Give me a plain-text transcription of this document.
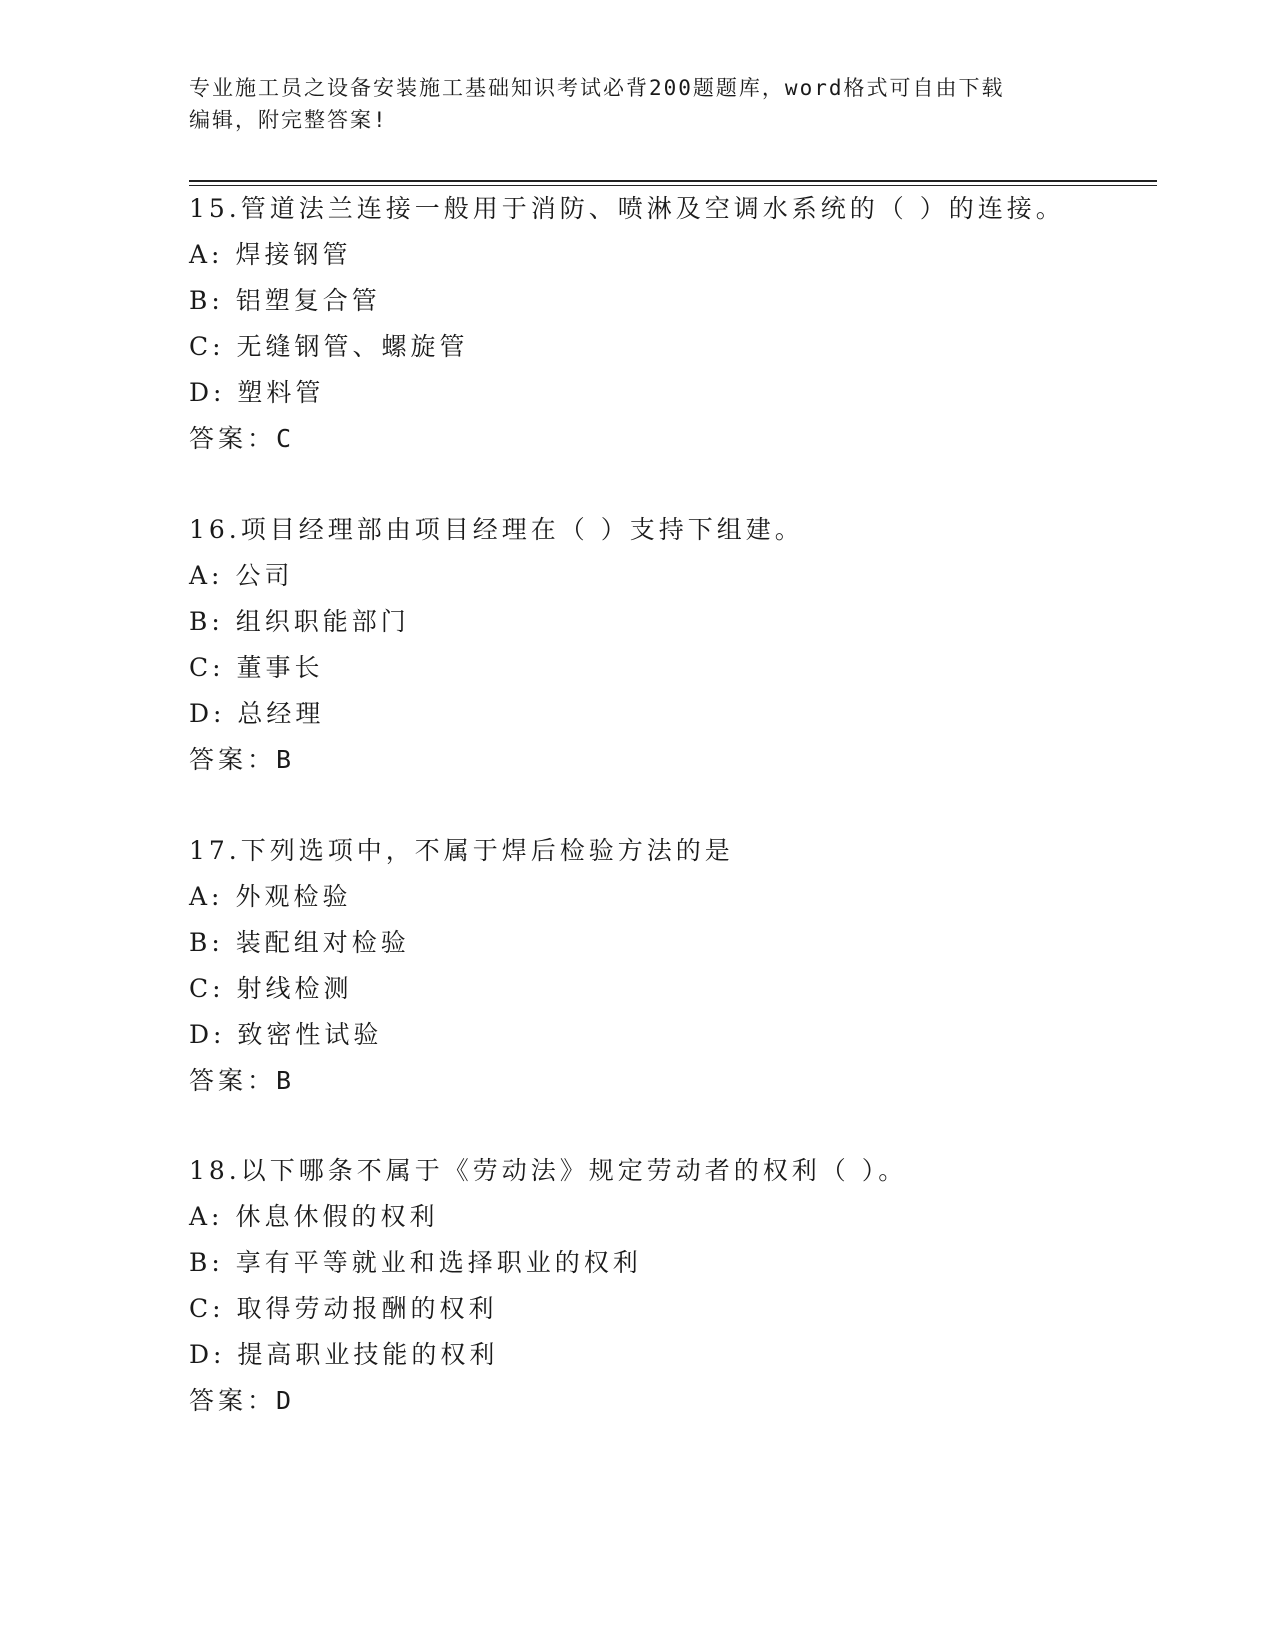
专业施工员之设备安装施工基础知识考试必背200题题库，word格式可自由下载
编辑，附完整答案!
15.管道法兰连接一般用于消防、喷淋及空调水系统的（ ）的连接。
A: 焊接钢管
B: 铝塑复合管
C: 无缝钢管、螺旋管
D: 塑料管
答案：C
16.项目经理部由项目经理在（ ）支持下组建。
A: 公司
B: 组织职能部门
C: 董事长
D: 总经理
答案：B
17.下列选项中，不属于焊后检验方法的是
A: 外观检验
B: 装配组对检验
C: 射线检测
D: 致密性试验
答案：B
18.以下哪条不属于《劳动法》规定劳动者的权利（ ）。
A: 休息休假的权利
B: 享有平等就业和选择职业的权利
C: 取得劳动报酬的权利
D: 提高职业技能的权利
答案：D
